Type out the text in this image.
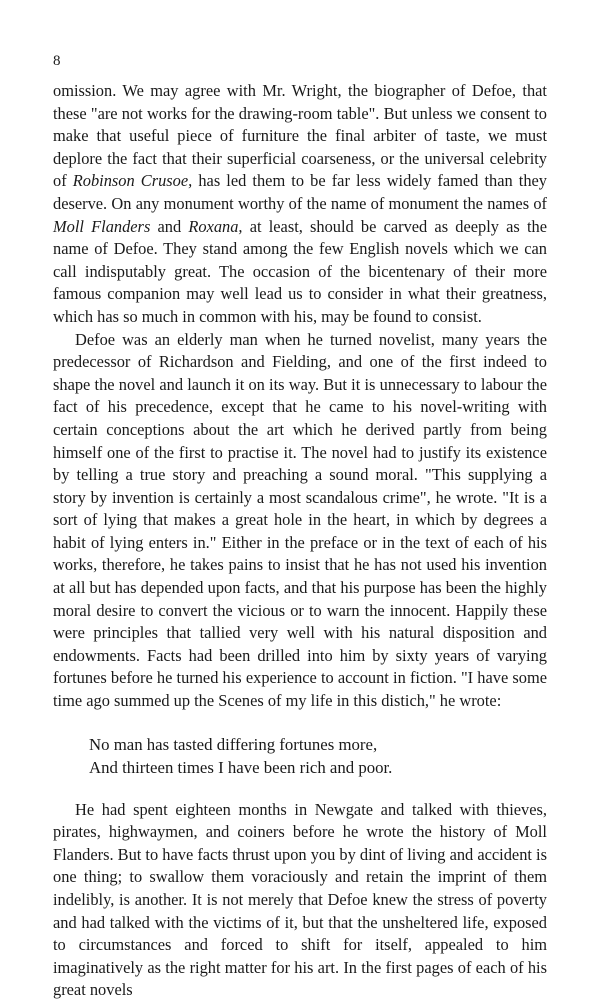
8

omission. We may agree with Mr. Wright, the biographer of Defoe, that these "are not works for the drawing-room table". But unless we consent to make that useful piece of furniture the final arbiter of taste, we must deplore the fact that their superficial coarseness, or the universal celebrity of Robinson Crusoe, has led them to be far less widely famed than they deserve. On any monument worthy of the name of monument the names of Moll Flanders and Roxana, at least, should be carved as deeply as the name of Defoe. They stand among the few English novels which we can call indisputably great. The occasion of the bicentenary of their more famous companion may well lead us to consider in what their greatness, which has so much in common with his, may be found to consist.

Defoe was an elderly man when he turned novelist, many years the predecessor of Richardson and Fielding, and one of the first indeed to shape the novel and launch it on its way. But it is unnecessary to labour the fact of his precedence, except that he came to his novel-writing with certain conceptions about the art which he derived partly from being himself one of the first to practise it. The novel had to justify its existence by telling a true story and preaching a sound moral. "This supplying a story by invention is certainly a most scandalous crime", he wrote. "It is a sort of lying that makes a great hole in the heart, in which by degrees a habit of lying enters in." Either in the preface or in the text of each of his works, therefore, he takes pains to insist that he has not used his invention at all but has depended upon facts, and that his purpose has been the highly moral desire to convert the vicious or to warn the innocent. Happily these were principles that tallied very well with his natural disposition and endowments. Facts had been drilled into him by sixty years of varying fortunes before he turned his experience to account in fiction. "I have some time ago summed up the Scenes of my life in this distich," he wrote:

No man has tasted differing fortunes more,
And thirteen times I have been rich and poor.

He had spent eighteen months in Newgate and talked with thieves, pirates, highwaymen, and coiners before he wrote the history of Moll Flanders. But to have facts thrust upon you by dint of living and accident is one thing; to swallow them voraciously and retain the imprint of them indelibly, is another. It is not merely that Defoe knew the stress of poverty and had talked with the victims of it, but that the unsheltered life, exposed to circumstances and forced to shift for itself, appealed to him imaginatively as the right matter for his art. In the first pages of each of his great novels
